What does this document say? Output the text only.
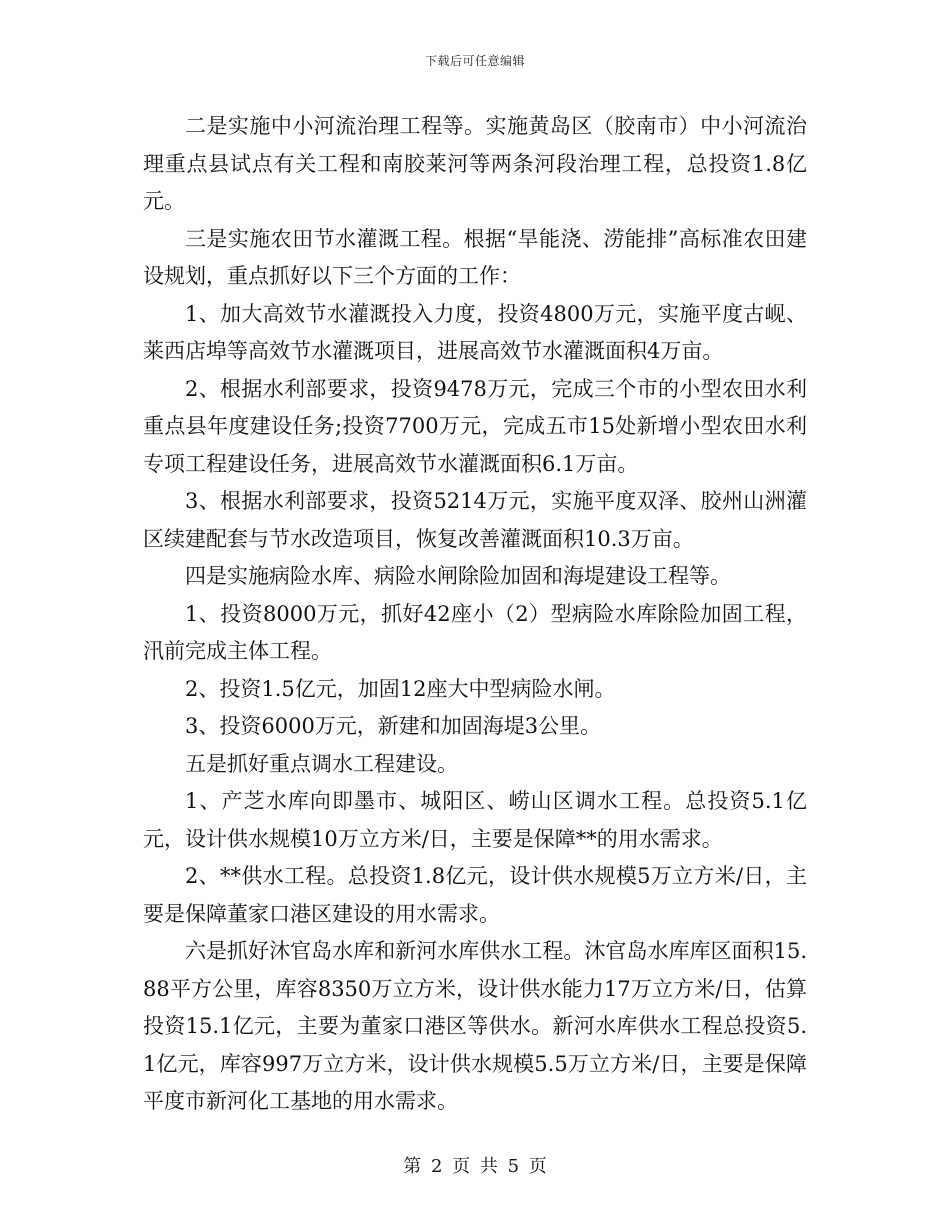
下载后可任意编辑

二是实施中小河流治理工程等。实施黄岛区（胶南市）中小河流治理重点县试点有关工程和南胶莱河等两条河段治理工程，总投资1.8亿元。

三是实施农田节水灌溉工程。根据“旱能浇、涝能排”高标准农田建设规划，重点抓好以下三个方面的工作：

1、加大高效节水灌溉投入力度，投资4800万元，实施平度古岘、莱西店埠等高效节水灌溉项目，进展高效节水灌溉面积4万亩。

2、根据水利部要求，投资9478万元，完成三个市的小型农田水利重点县年度建设任务;投资7700万元，完成五市15处新增小型农田水利专项工程建设任务，进展高效节水灌溉面积6.1万亩。

3、根据水利部要求，投资5214万元，实施平度双泽、胶州山洲灌区续建配套与节水改造项目，恢复改善灌溉面积10.3万亩。

四是实施病险水库、病险水闸除险加固和海堤建设工程等。

1、投资8000万元，抓好42座小（2）型病险水库除险加固工程，汛前完成主体工程。

2、投资1.5亿元，加固12座大中型病险水闸。

3、投资6000万元，新建和加固海堤3公里。

五是抓好重点调水工程建设。

1、产芝水库向即墨市、城阳区、崂山区调水工程。总投资5.1亿元，设计供水规模10万立方米/日，主要是保障**的用水需求。

2、**供水工程。总投资1.8亿元，设计供水规模5万立方米/日，主要是保障董家口港区建设的用水需求。

六是抓好沐官岛水库和新河水库供水工程。沐官岛水库库区面积15.88平方公里，库容8350万立方米，设计供水能力17万立方米/日，估算投资15.1亿元，主要为董家口港区等供水。新河水库供水工程总投资5.1亿元，库容997万立方米，设计供水规模5.5万立方米/日，主要是保障平度市新河化工基地的用水需求。

第 2 页 共 5 页
